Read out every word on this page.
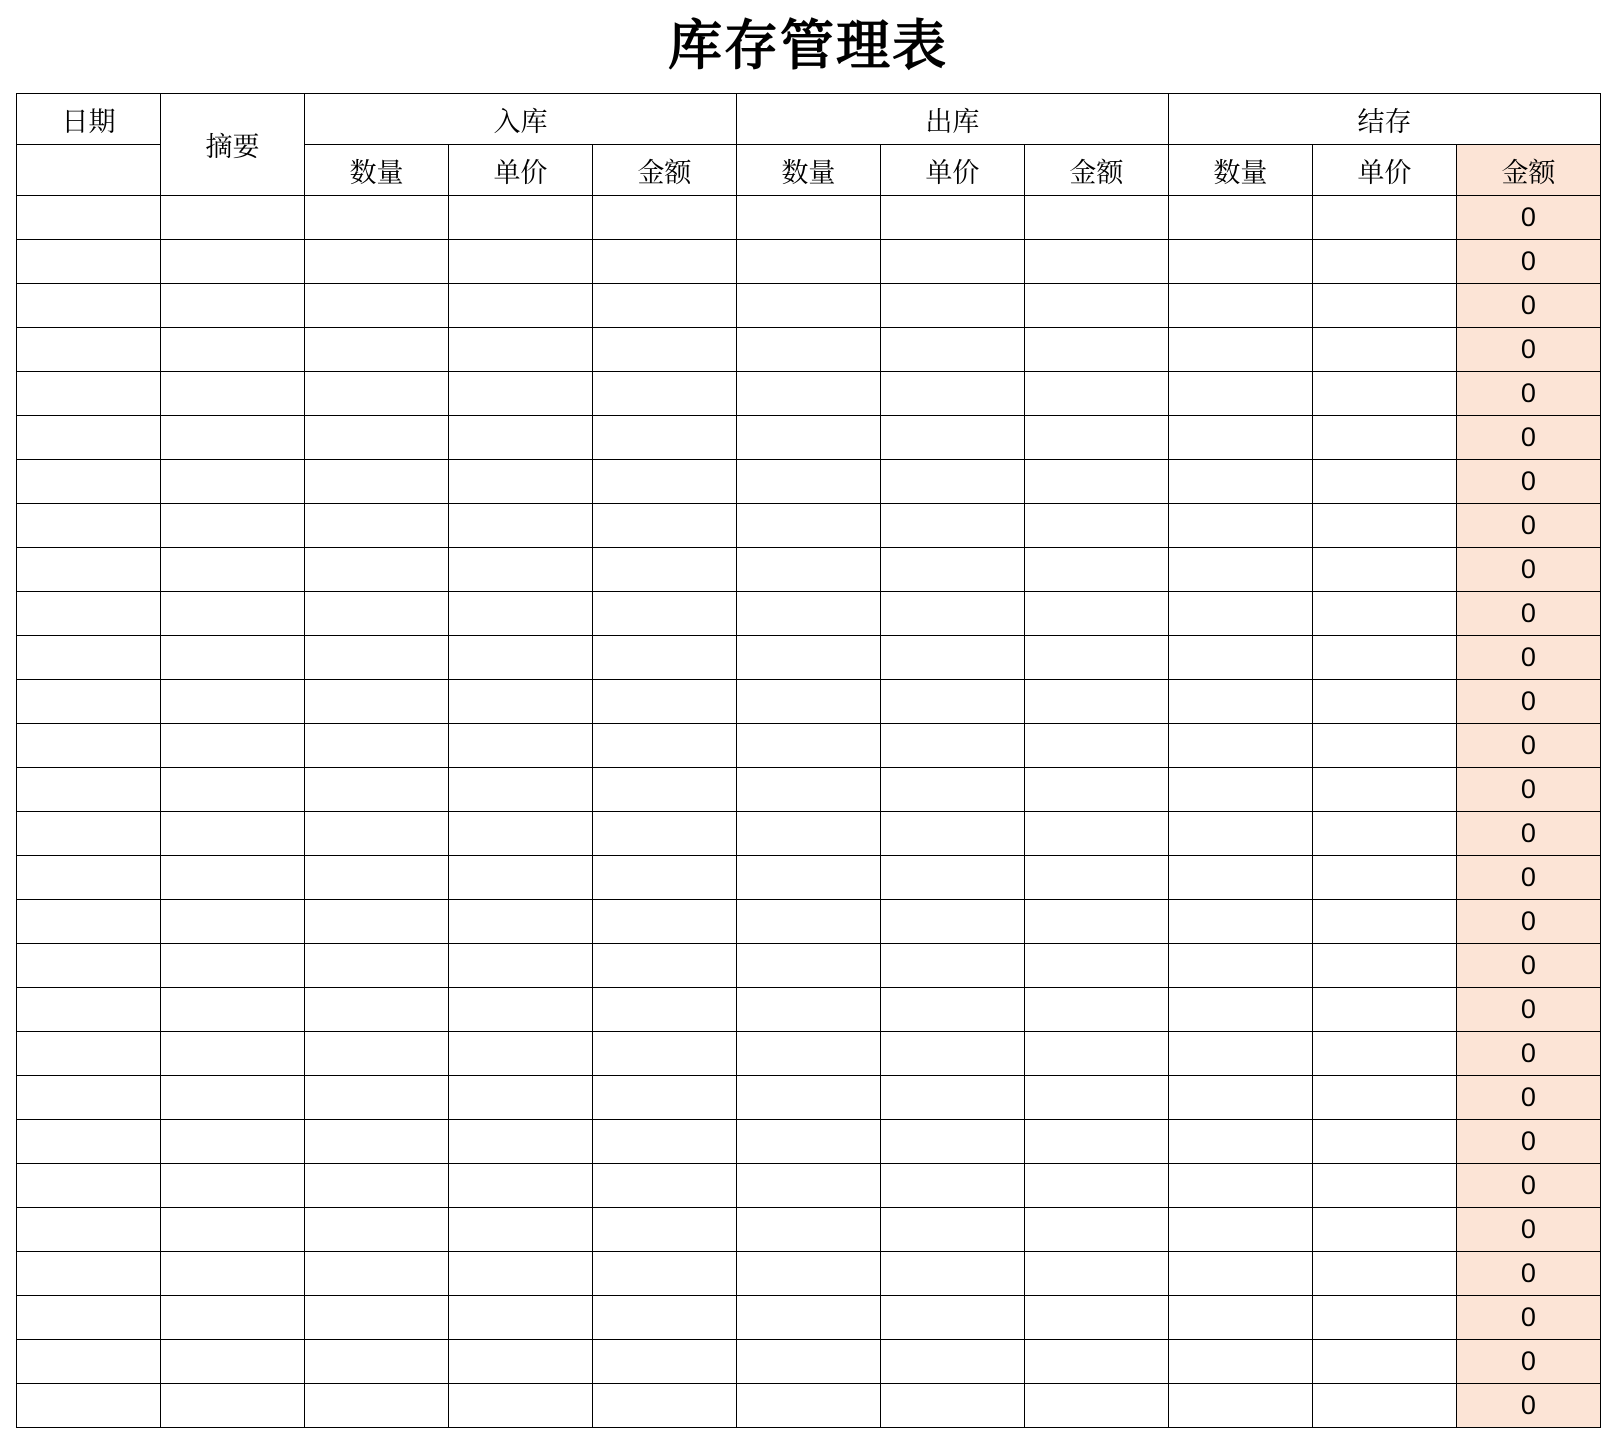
库存管理表
日期	摘要	入库			出库			结存		
		数量	单价	金额	数量	单价	金额	数量	单价	金额
										0
										0
										0
										0
										0
										0
										0
										0
										0
										0
										0
										0
										0
										0
										0
										0
										0
										0
										0
										0
										0
										0
										0
										0
										0
										0
										0
										0
